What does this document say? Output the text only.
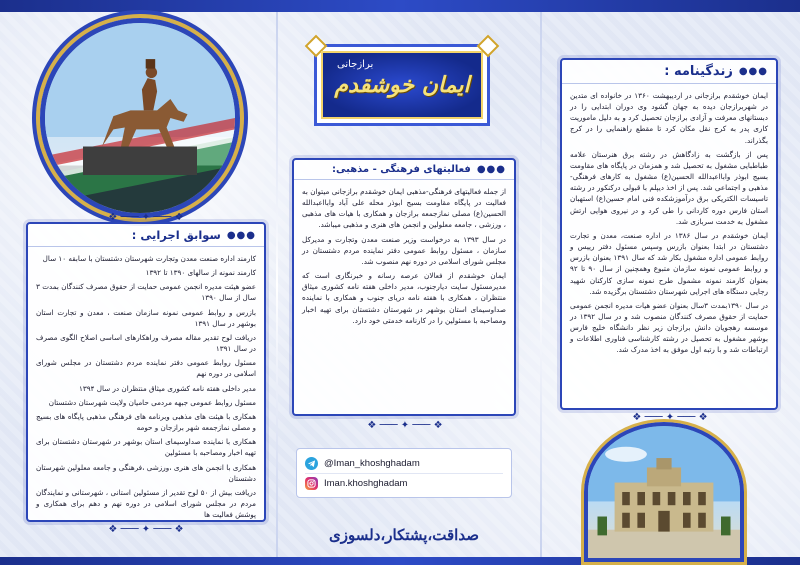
برازجانی
ایمان خوشقدم
●●●
زندگینامه :

ایمان خوشقدم برازجانی در اردیبهشت ۱۳۶۰ در خانواده ای متدین در شهربرازجان دیده به جهان گشود وی دوران ابتدایی را در دبستانهای معرفت و آزادی برازجان تحصیل کرد و به دلیل ماموریت کاری پدر به کرج نقل مکان کرد تا مقطع راهنمایی را در کرج بگذراند.

پس از بازگشت به زادگاهش در رشته برق هنرستان علامه طباطبایی مشغول به تحصیل شد و همزمان در پایگاه های مقاومت بسیج ابوذر وابااعبدالله الحسین(ع) مشغول به کارهای فرهنگی-مذهبی و اجتماعی شد. پس از اخذ دیپلم با قبولی درکنکور در رشته تاسیسات الکتریکی برق درآموزشکده فنی امام حسین(ع) استهبان استان فارس دوره کاردانی را طی کرد و در نیروی هوایی ارتش مشغول به خدمت سربازی شد.

ایمان خوشقدم در سال ۱۳۸۶ در اداره صنعت، معدن و تجارت دشتستان در ابتدا بعنوان بازرس وسپس مسئول دفتر رییس و روابط عمومی اداره مشغول بکار شد که سال ۱۳۹۱ بعنوان بازرس و روابط عمومی نمونه سازمان متبوع وهمچنین از سال ۹۰ تا ۹۲ بعنوان کارمند نمونه مشمول طرح نمونه سازی کارکنان شهید رجایی دستگاه های اجرایی شهرستان دشتستان برگزیده شد.

در سال ۱۳۹۰بمدت ۳سال بعنوان عضو هیات مدیره انجمن عمومی حمایت از حقوق مصرف کنندگان منصوب شد و در سال ۱۳۹۲ در موسسه رهجویان دانش برازجان زیر نظر دانشگاه خلیج فارس بوشهر مشغول به تحصیل در رشته کارشناسی فناوری اطلاعات و ارتباطات شد و با رتبه اول موفق به اخذ مدرک شد.

❖ ─── ✦ ─── ❖
●●●
فعالیتهای فرهنگی - مذهبی:

از جمله فعالیتهای فرهنگی-مذهبی ایمان خوشقدم برازجانی میتوان به فعالیت در پایگاه مقاومت بسیج ابوذر محله علی آباد وابااعبدالله الحسین(ع) مصلی نمازجمعه برازجان و همکاری با هیات های مذهبی ، ورزشی ، جامعه معلولین و انجمن های هنری و مذهبی میباشد.

در سال ۱۳۹۳ به درخواست وزیر صنعت معدن وتجارت و مدیرکل سازمان ، مسئول روابط عمومی دفتر نماینده مردم دشتستان در مجلس شورای اسلامی در دوره نهم منصوب شد.

ایمان خوشقدم از فعالان عرصه رسانه و خبرنگاری است که مدیرمسئول سایت دیارجنوب، مدیر داخلی هفته نامه کشوری میثاق منتظران ، همکاری با هفته نامه دریای جنوب و همکاری با نماینده صداوسیمای استان بوشهر در شهرستان دشتستان برای تهیه اخبار ومصاحبه با مسئولین را در کارنامه خدمتی خود دارد.

❖ ─── ✦ ─── ❖
●●●
سوابق اجرایی :

کارمند اداره صنعت معدن وتجارت شهرستان دشتستان با سابقه ۱۰ سال

کارمند نمونه از سالهای ۱۳۹۰ تا ۱۳۹۲

عضو هیئت مدیره انجمن عمومی حمایت از حقوق مصرف کنندگان بمدت ۳ سال از سال ۱۳۹۰

بازرس و روابط عمومی نمونه سازمان صنعت ، معدن و تجارت استان بوشهر در سال ۱۳۹۱

دریافت لوح تقدیر مقاله مصرف وراهکارهای اساسی اصلاح الگوی مصرف در سال ۱۳۹۱

مسئول روابط عمومی دفتر نماینده مردم دشتستان در مجلس شورای اسلامی در دوره نهم

مدیر داخلی هفته نامه کشوری میثاق منتظران در سال ۱۳۹۴

مسئول روابط عمومی جبهه مردمی حامیان ولایت شهرستان دشتستان

همکاری با هیئت های مذهبی وبرنامه های فرهنگی مذهبی پایگاه های بسیج و مصلی نمازجمعه شهر برازجان و حومه

همکاری با نماینده صداوسیمای استان بوشهر در شهرستان دشتستان برای تهیه اخبار ومصاحبه با مسئولین

همکاری با انجمن های هنری ،ورزشی ،فرهنگی و جامعه معلولین شهرستان دشتستان

دریافت بیش از ۵۰ لوح تقدیر از مسئولین استانی ، شهرستانی و نمایندگان مردم در مجلس شورای اسلامی در دوره نهم و دهم برای همکاری و پوشش فعالیت ها

❖ ─── ✦ ─── ❖
❖ ─── ✦ ─── ❖
@Iman_khoshghadam
Iman.khoshghadam
صداقت،پشتکار،دلسوزی
